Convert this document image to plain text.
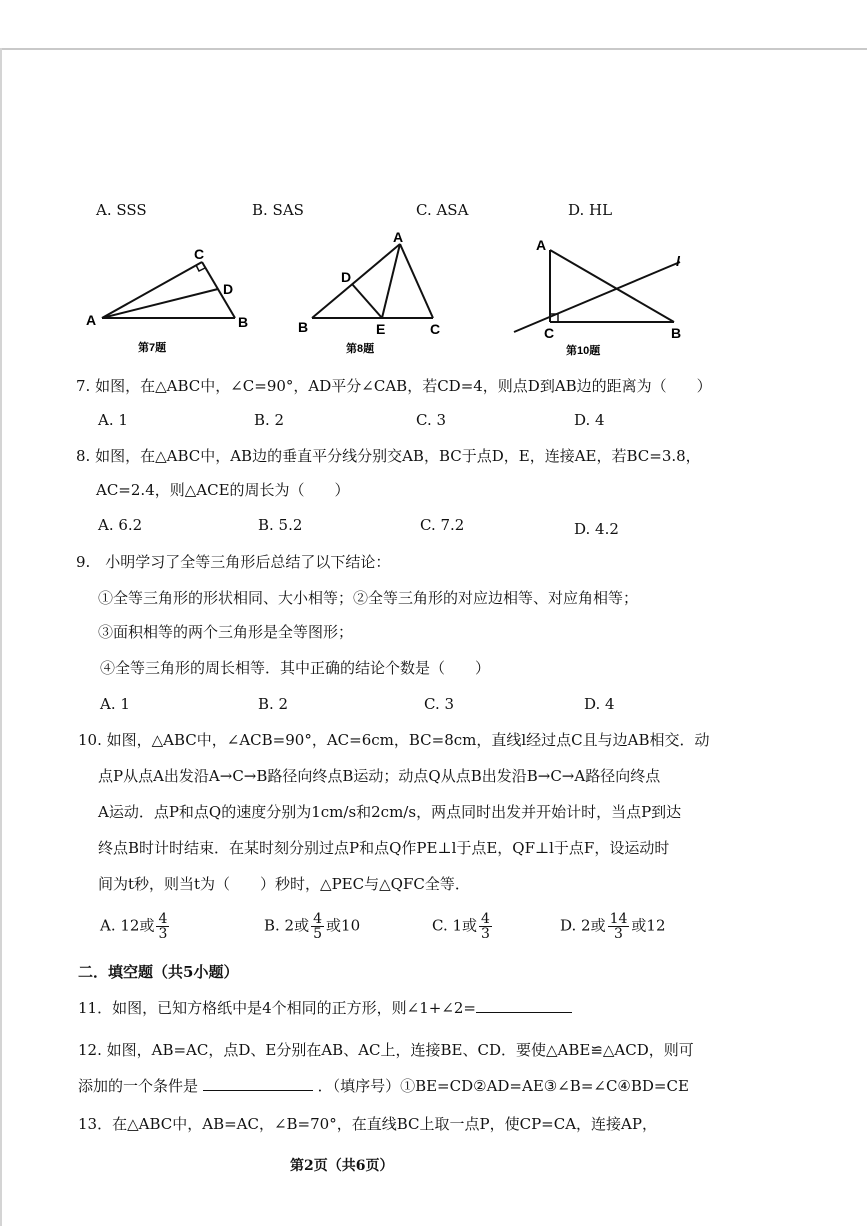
A. SSS	B. SAS	C. ASA	D. HL
A
C
D
B
第7题
A
D
B	E	C
第8题
A
l
C	B
第10题
7. 如图，在△ABC中，∠C=90°，AD平分∠CAB，若CD=4，则点D到AB边的距离为（　　）
A. 1	B. 2	C. 3	D. 4
8. 如图，在△ABC中，AB边的垂直平分线分别交AB，BC于点D，E，连接AE，若BC=3.8，
AC=2.4，则△ACE的周长为（　　）
A. 6.2	B. 5.2	C. 7.2	D. 4.2
9.　小明学习了全等三角形后总结了以下结论：
①全等三角形的形状相同、大小相等；②全等三角形的对应边相等、对应角相等；
③面积相等的两个三角形是全等图形；
④全等三角形的周长相等．其中正确的结论个数是（　　）
A. 1	B. 2	C. 3	D. 4
10. 如图，△ABC中，∠ACB=90°，AC=6cm，BC=8cm，直线l经过点C且与边AB相交．动
点P从点A出发沿A→C→B路径向终点B运动；动点Q从点B出发沿B→C→A路径向终点
A运动．点P和点Q的速度分别为1cm/s和2cm/s，两点同时出发并开始计时，当点P到达
终点B时计时结束．在某时刻分别过点P和点Q作PE⊥l于点E，QF⊥l于点F，设运动时
间为t秒，则当t为（　　）秒时，△PEC与△QFC全等．
A. 12或 $\frac{4}{3}$	B. 2或 $\frac{4}{5}$ 或10	C. 1或 $\frac{4}{3}$	D. 2或 $\frac{14}{3}$ 或12
二．填空题（共5小题）
11．如图，已知方格纸中是4个相同的正方形，则∠1+∠2=
12. 如图，AB=AC，点D、E分别在AB、AC上，连接BE、CD．要使△ABE≌△ACD，则可
添加的一个条件是	．（填序号）①BE=CD②AD=AE③∠B=∠C④BD=CE
13．在△ABC中，AB=AC，∠B=70°，在直线BC上取一点P，使CP=CA，连接AP，
第2页（共6页）
